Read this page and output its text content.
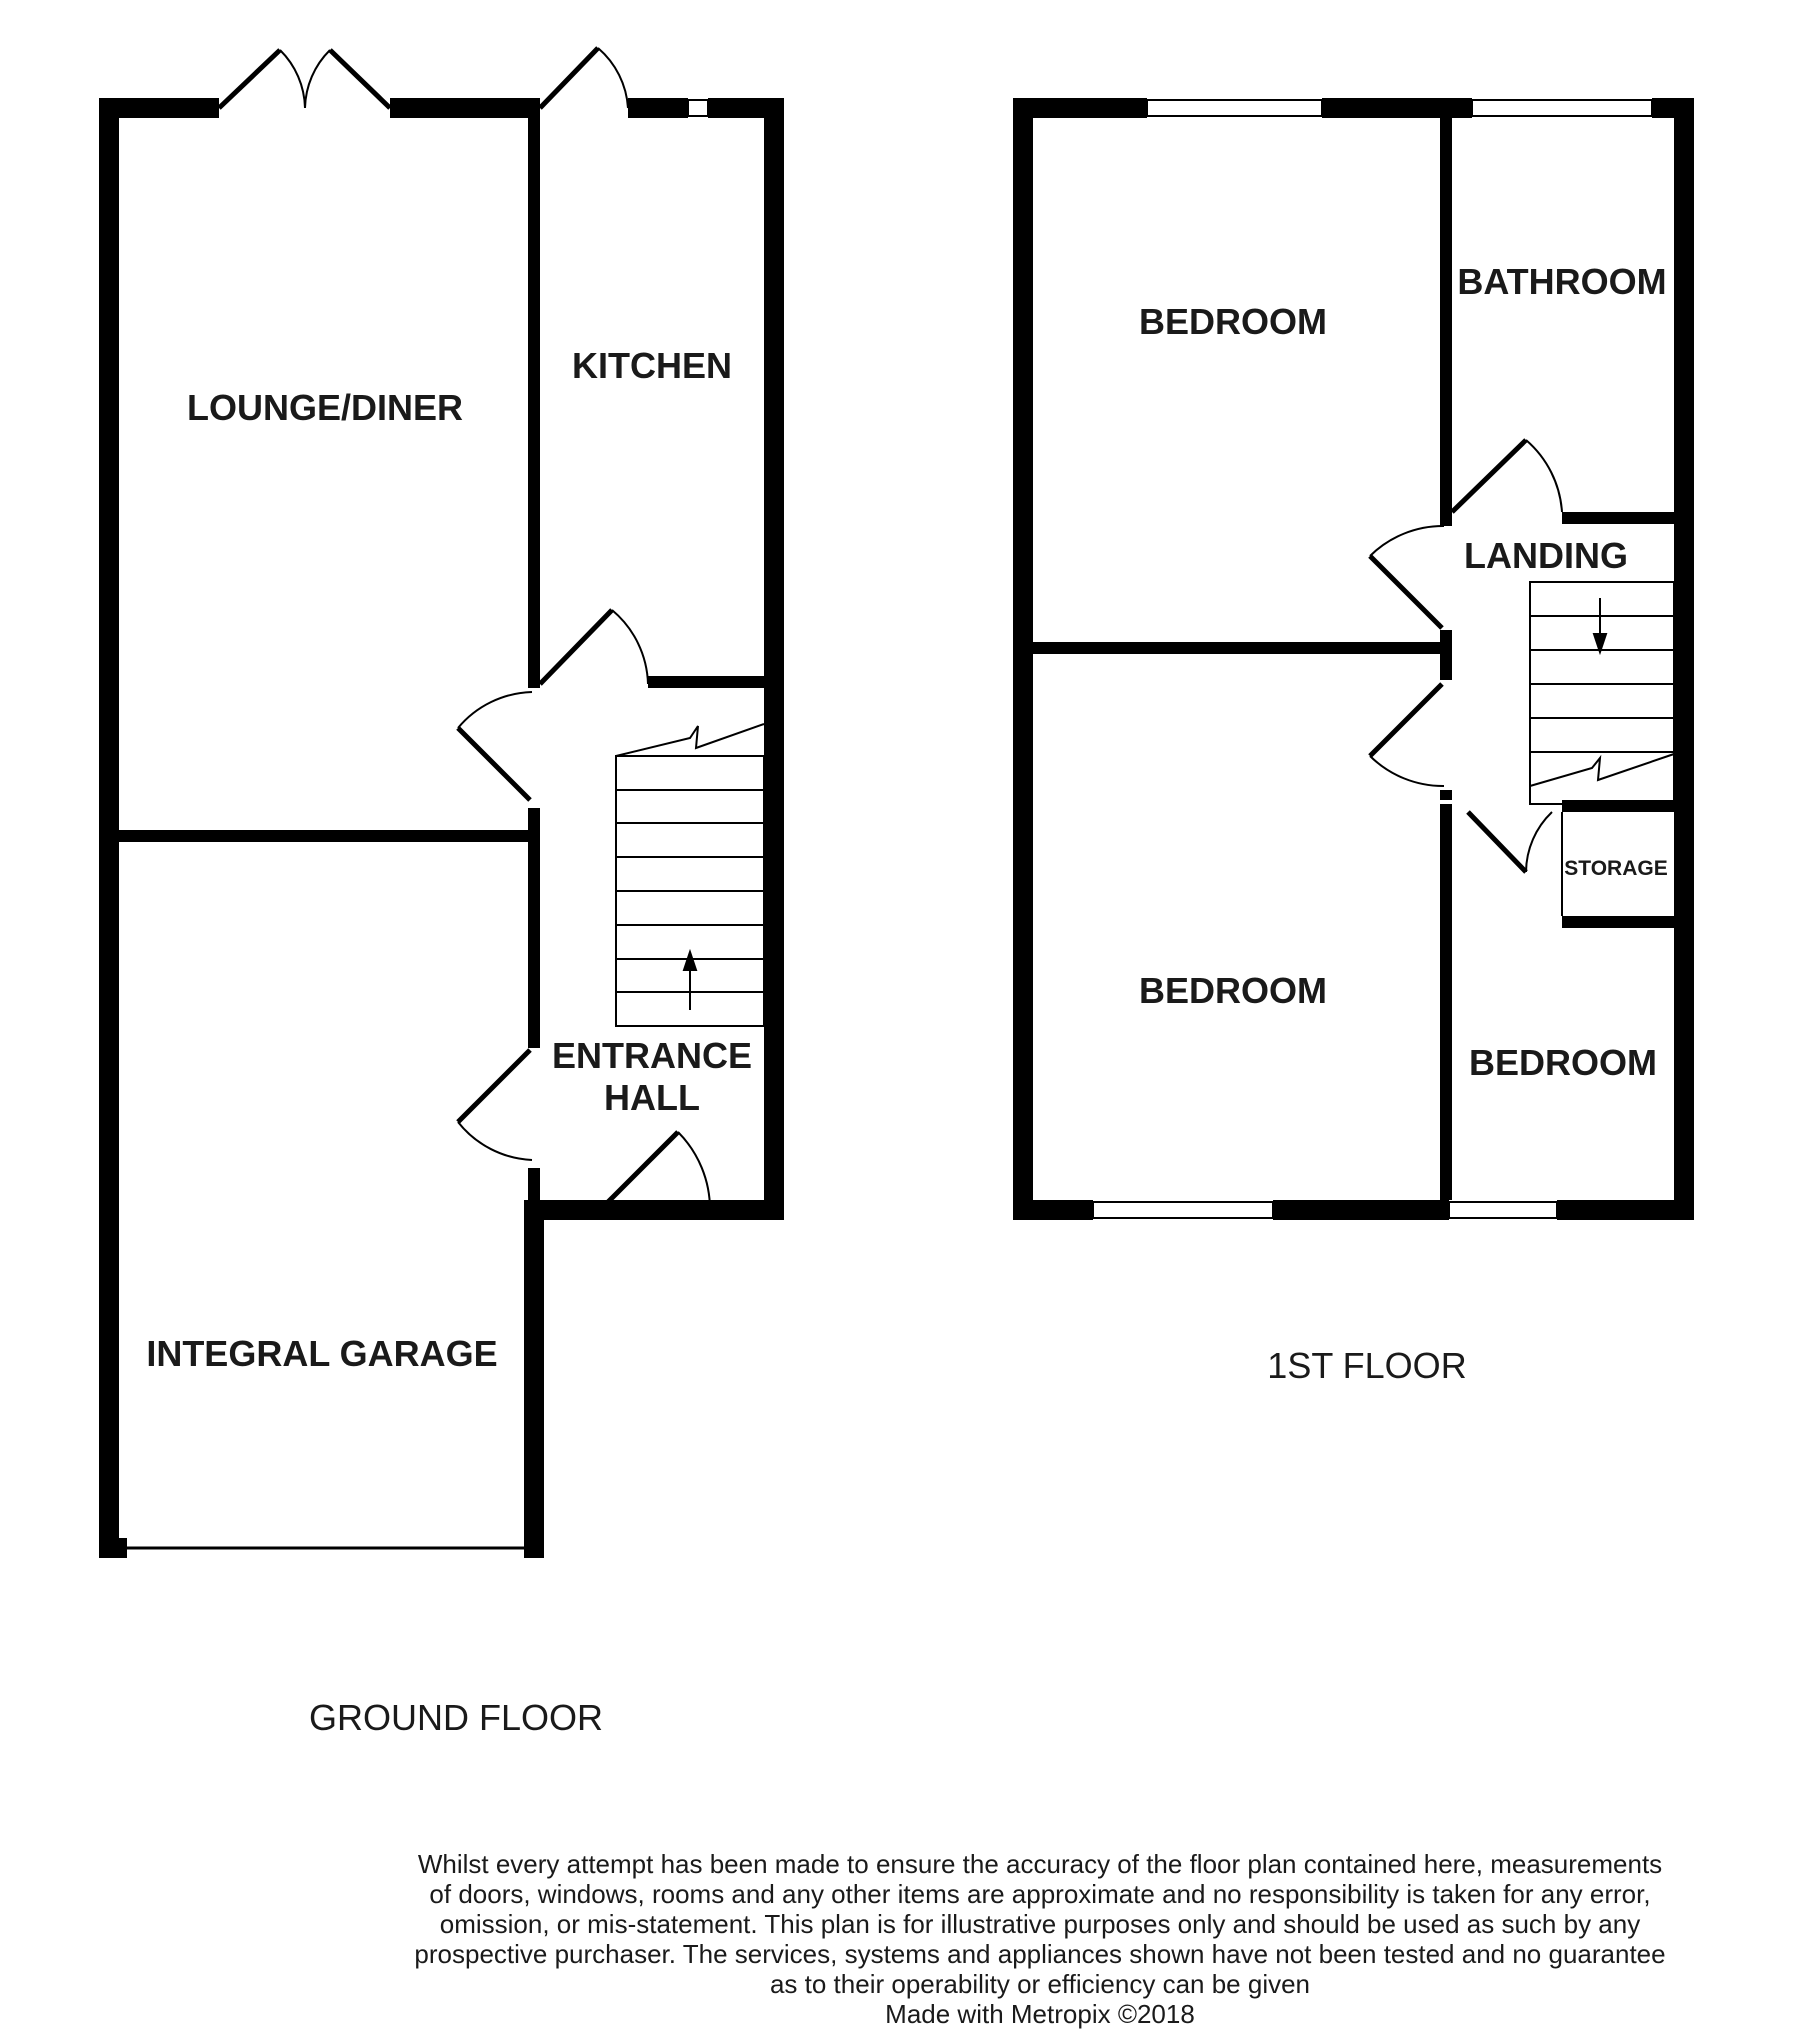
LOUNGE/DINER
KITCHEN
ENTRANCE
HALL
INTEGRAL GARAGE
GROUND FLOOR
BEDROOM
BATHROOM
LANDING
BEDROOM
STORAGE
BEDROOM
1ST FLOOR
Whilst every attempt has been made to ensure the accuracy of the floor plan contained here, measurements
of doors, windows, rooms and any other items are approximate and no responsibility is taken for any error,
omission, or mis-statement. This plan is for illustrative purposes only and should be used as such by any
prospective purchaser. The services, systems and appliances shown have not been tested and no guarantee
as to their operability or efficiency can be given
Made with Metropix ©2018
